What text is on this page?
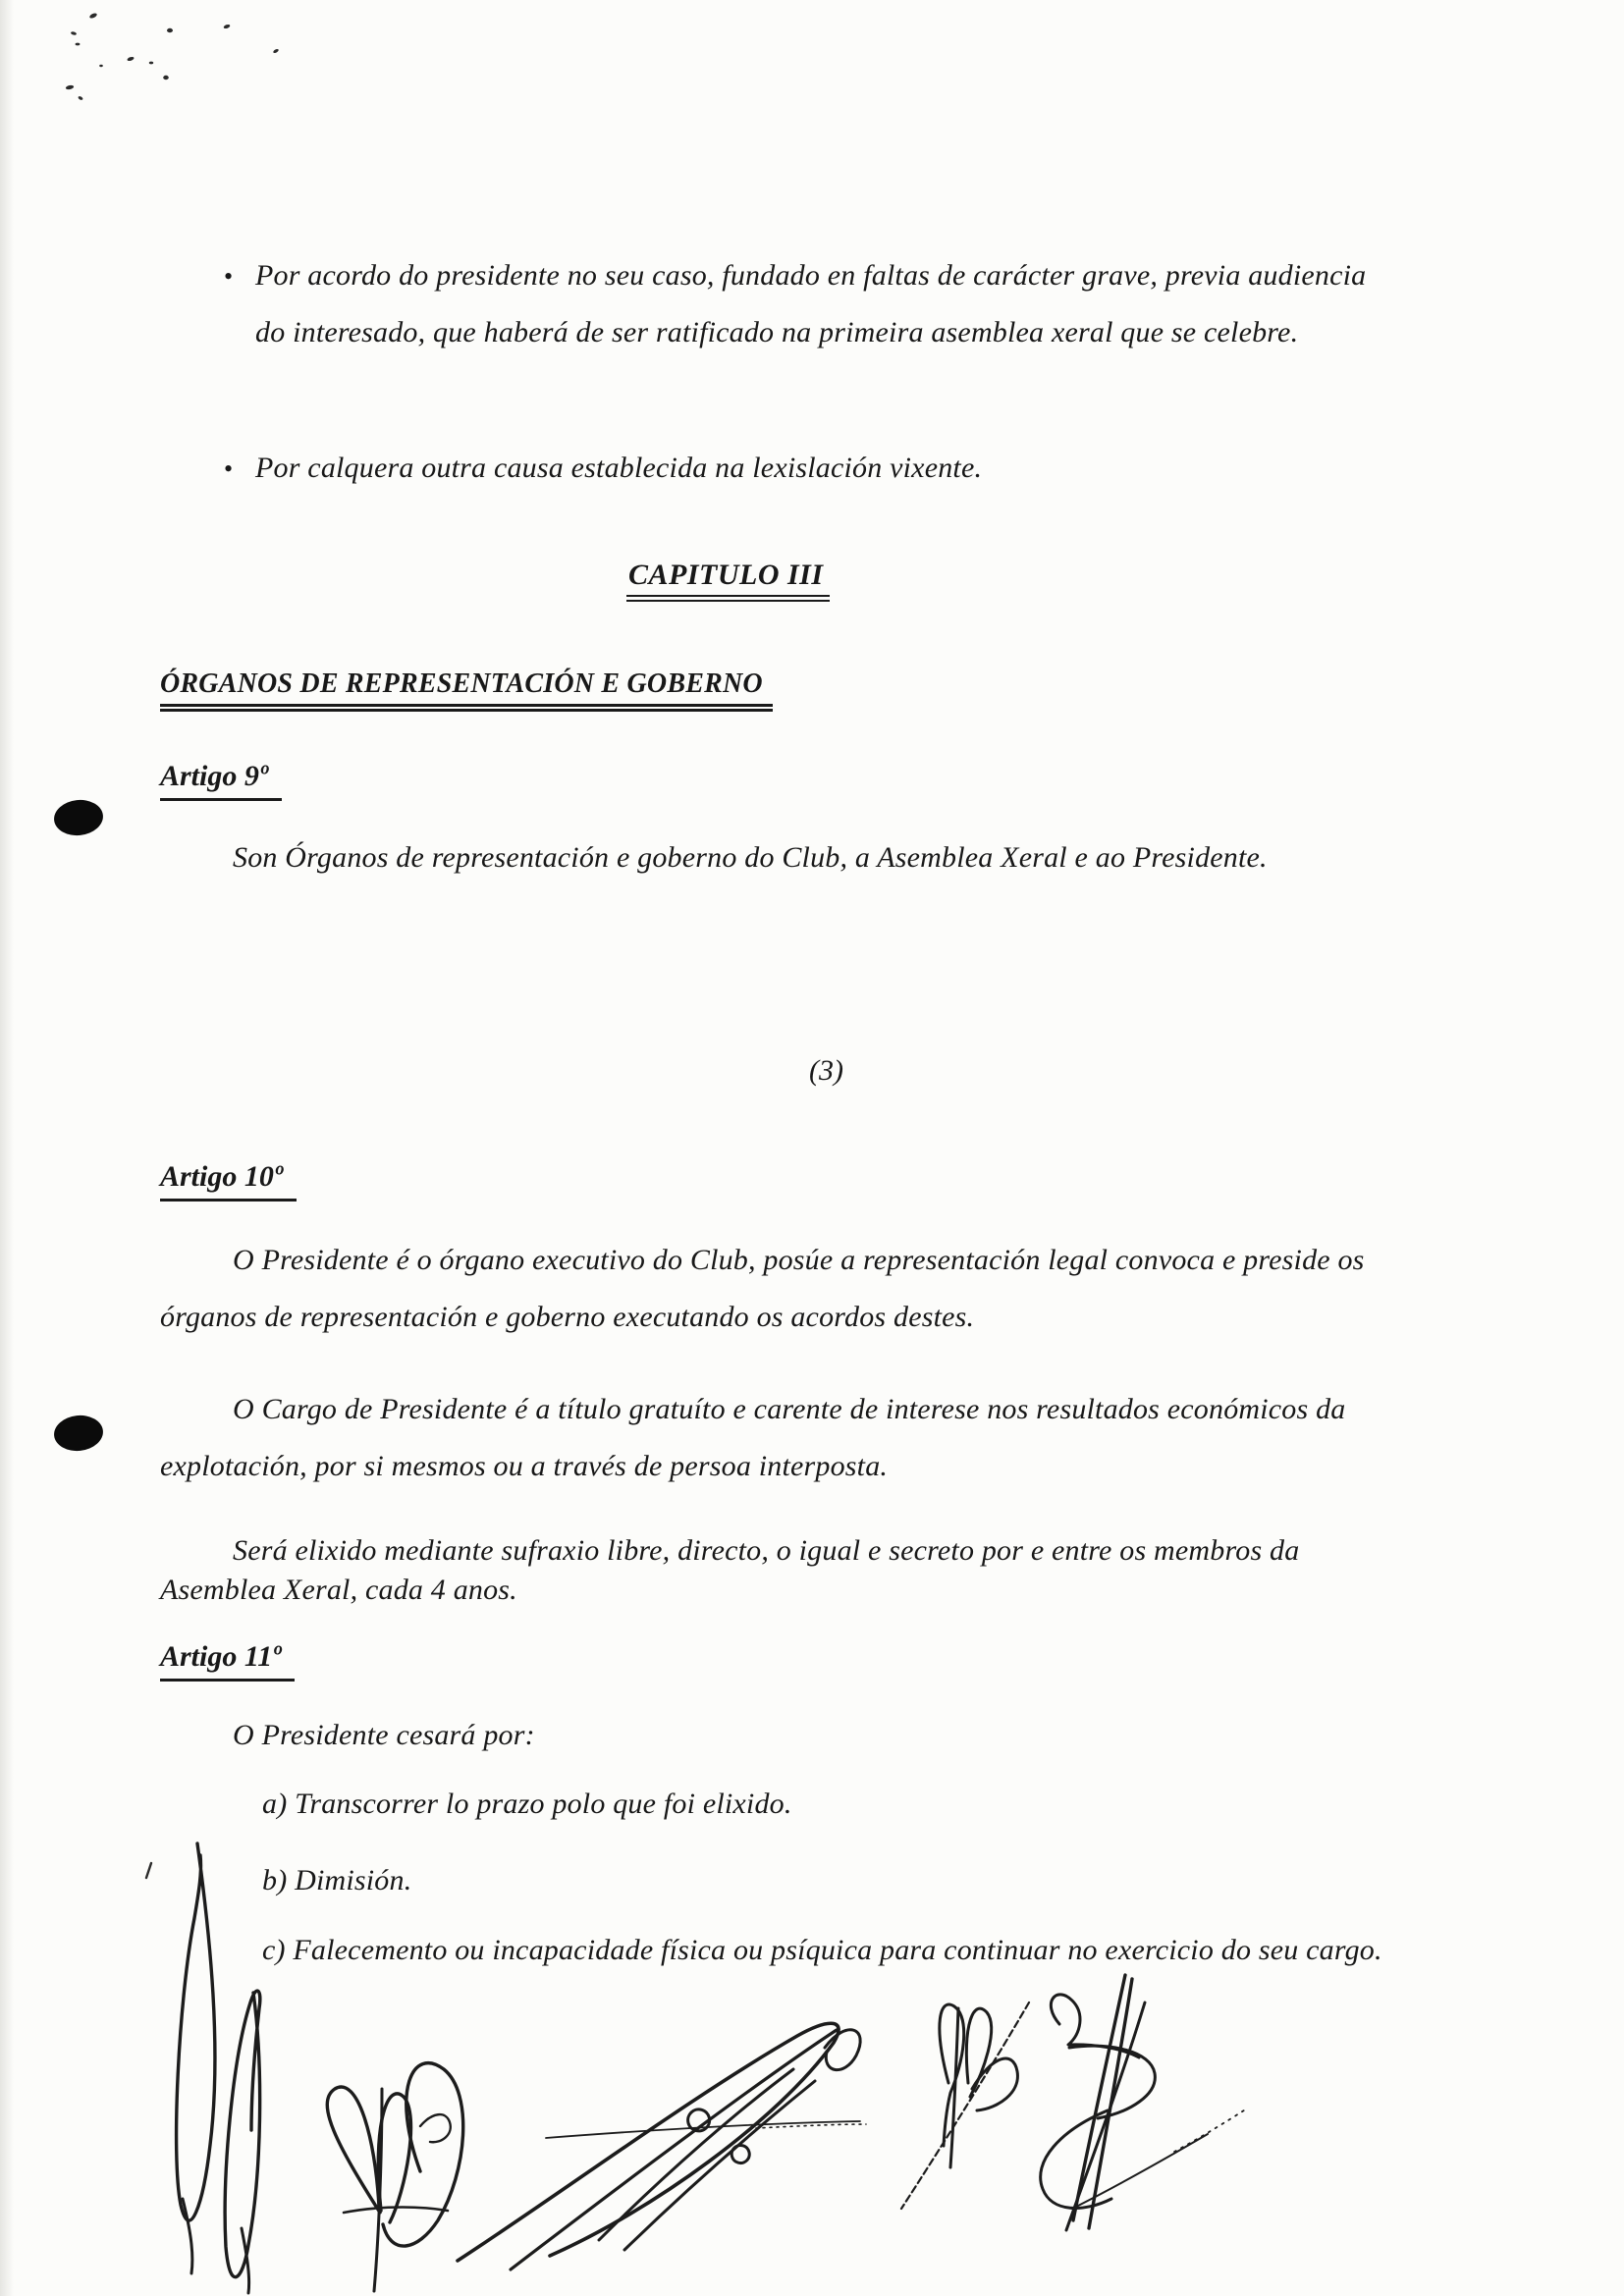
• Por acordo do presidente no seu caso, fundado en faltas de carácter grave, previa audiencia do interesado, que haberá de ser ratificado na primeira asemblea xeral que se celebre.
• Por calquera outra causa establecida na lexislación vixente.
CAPITULO III
ÓRGANOS DE REPRESENTACIÓN E GOBERNO
Artigo 9º
Son Órganos de representación e goberno do Club, a Asemblea Xeral e ao Presidente.
(3)
Artigo 10º
O Presidente é o órgano executivo do Club, posúe a representación legal convoca e preside os órganos de representación e goberno executando os acordos destes.
O Cargo de Presidente é a título gratuíto e carente de interese nos resultados económicos da explotación, por si mesmos ou a través de persoa interposta.
Será elixido mediante sufraxio libre, directo, o igual e secreto por e entre os membros da Asemblea Xeral, cada 4 anos.
Artigo 11º
O Presidente cesará por:
a) Transcorrer lo prazo polo que foi elixido.
b) Dimisión.
c) Falecemento ou incapacidade física ou psíquica para continuar no exercicio do seu cargo.
